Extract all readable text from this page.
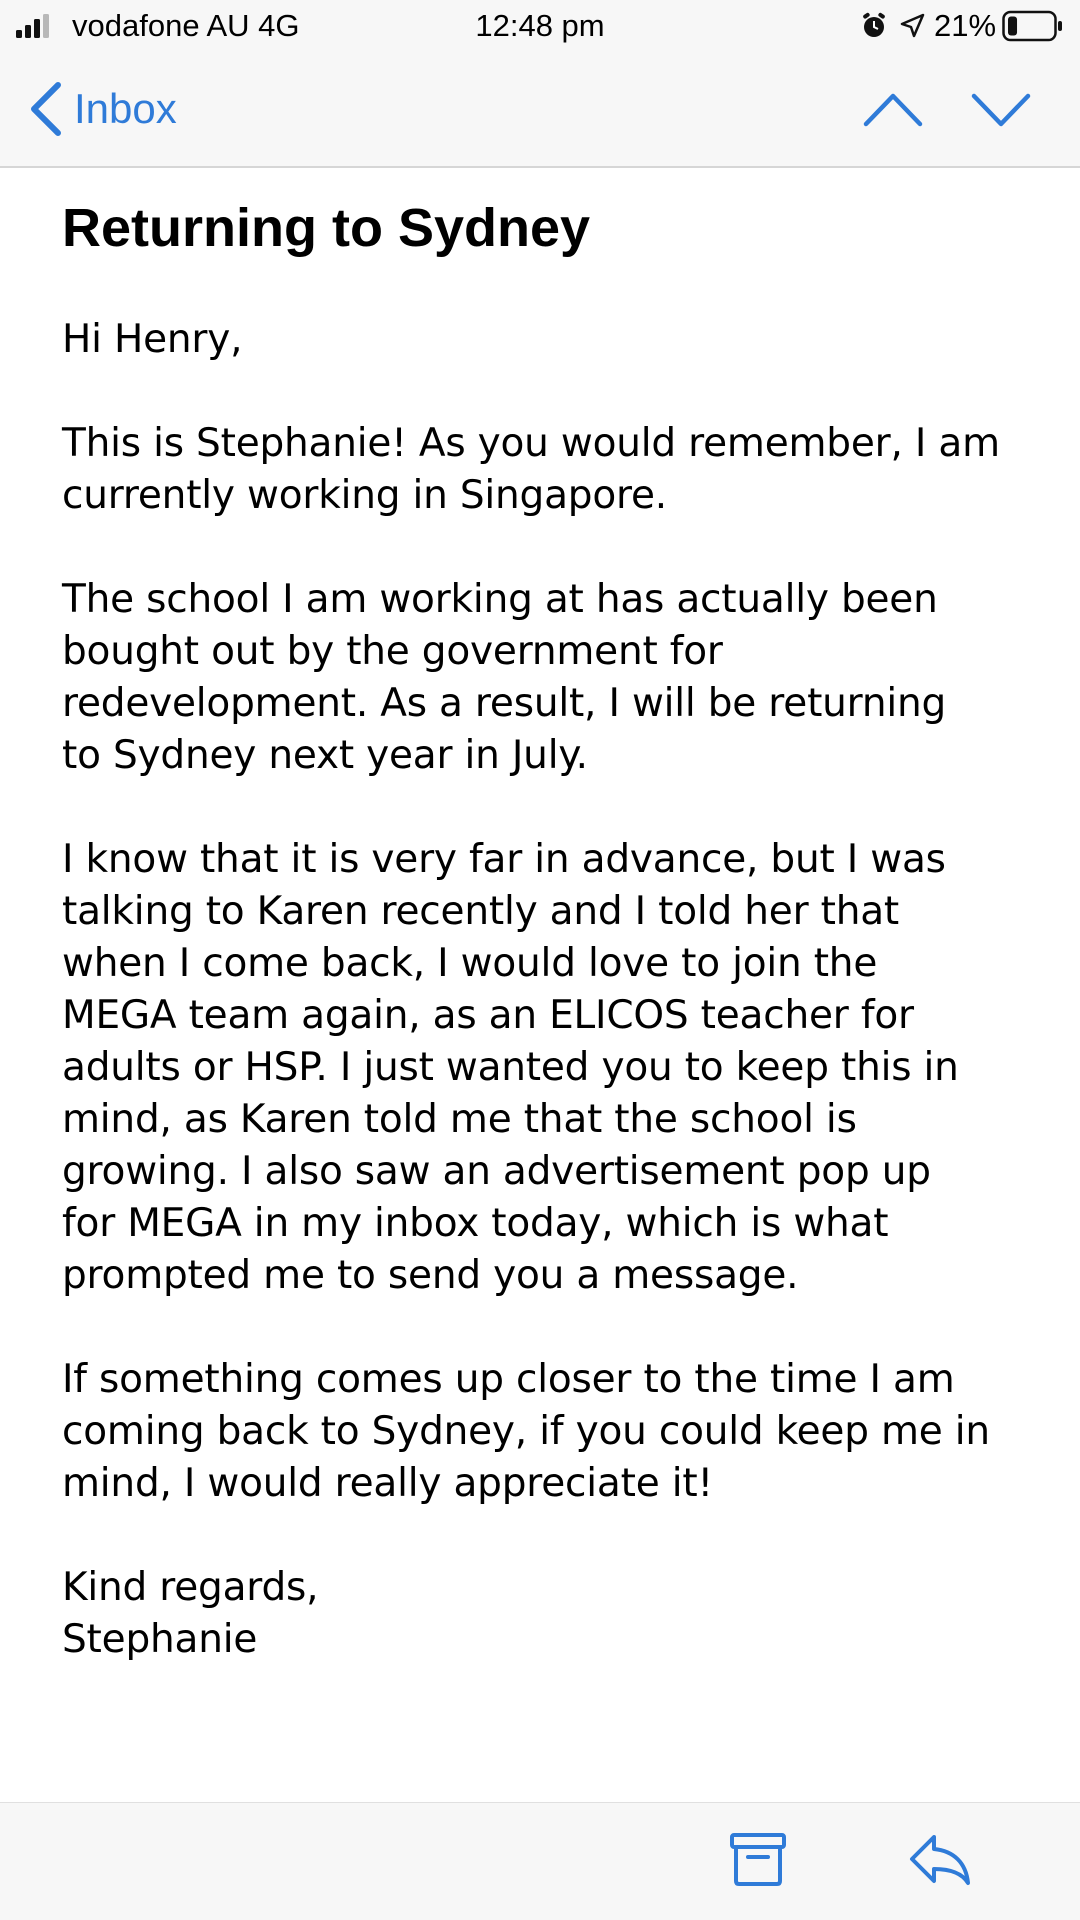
vodafone AU 4G	12:48 pm	21%
Inbox
Returning to Sydney

Hi Henry,

This is Stephanie! As you would remember, I am
currently working in Singapore.

The school I am working at has actually been
bought out by the government for
redevelopment. As a result, I will be returning
to Sydney next year in July.

I know that it is very far in advance, but I was
talking to Karen recently and I told her that
when I come back, I would love to join the
MEGA team again, as an ELICOS teacher for
adults or HSP. I just wanted you to keep this in
mind, as Karen told me that the school is
growing. I also saw an advertisement pop up
for MEGA in my inbox today, which is what
prompted me to send you a message.

If something comes up closer to the time I am
coming back to Sydney, if you could keep me in
mind, I would really appreciate it!

Kind regards,
Stephanie
